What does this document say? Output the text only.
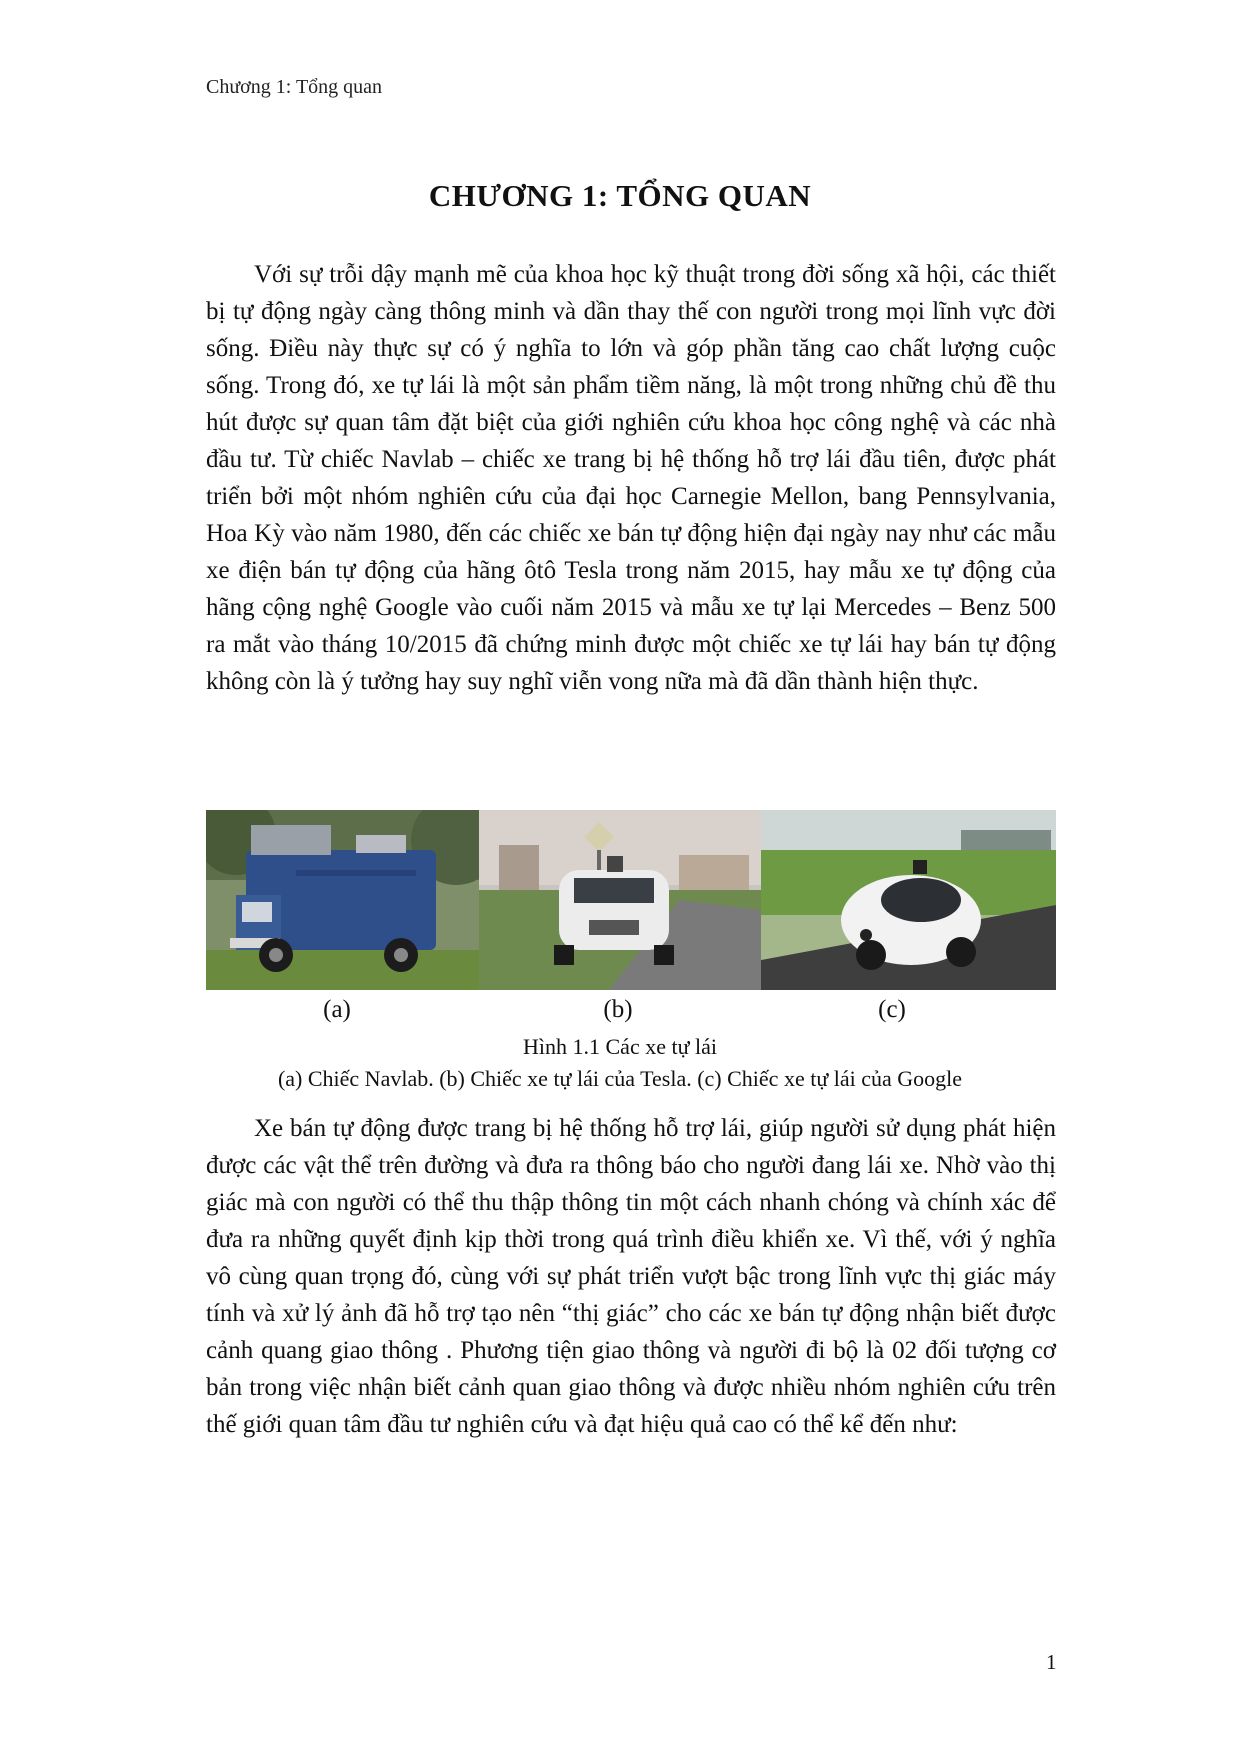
Chương 1: Tổng quan
CHƯƠNG 1: TỔNG QUAN

Với sự trỗi dậy mạnh mẽ của khoa học kỹ thuật trong đời sống xã hội, các thiết bị tự động ngày càng thông minh và dần thay thế con người trong mọi lĩnh vực đời sống. Điều này thực sự có ý nghĩa to lớn và góp phần tăng cao chất lượng cuộc sống. Trong đó, xe tự lái là một sản phẩm tiềm năng, là một trong những chủ đề thu hút được sự quan tâm đặt biệt của giới nghiên cứu khoa học công nghệ và các nhà đầu tư. Từ chiếc Navlab – chiếc xe trang bị hệ thống hỗ trợ lái đầu tiên, được phát triển bởi một nhóm nghiên cứu của đại học Carnegie Mellon, bang Pennsylvania, Hoa Kỳ vào năm 1980, đến các chiếc xe bán tự động hiện đại ngày nay như các mẫu xe điện bán tự động của hãng ôtô Tesla trong năm 2015, hay mẫu xe tự động của hãng cộng nghệ Google vào cuối năm 2015 và mẫu xe tự lại Mercedes – Benz 500 ra mắt vào tháng 10/2015 đã chứng minh được một chiếc xe tự lái hay bán tự động không còn là ý tưởng hay suy nghĩ viễn vong nữa mà đã dần thành hiện thực.

(a)	(b)	(c)
Hình 1.1 Các xe tự lái
(a) Chiếc Navlab. (b) Chiếc xe tự lái của Tesla. (c) Chiếc xe tự lái của Google

Xe bán tự động được trang bị hệ thống hỗ trợ lái, giúp người sử dụng phát hiện được các vật thể trên đường và đưa ra thông báo cho người đang lái xe. Nhờ vào thị giác mà con người có thể thu thập thông tin một cách nhanh chóng và chính xác để đưa ra những quyết định kịp thời trong quá trình điều khiển xe. Vì thế, với ý nghĩa vô cùng quan trọng đó, cùng với sự phát triển vượt bậc trong lĩnh vực thị giác máy tính và xử lý ảnh đã hỗ trợ tạo nên “thị giác” cho các xe bán tự động nhận biết được cảnh quang giao thông . Phương tiện giao thông và người đi bộ là 02 đối tượng cơ bản trong việc nhận biết cảnh quan giao thông và được nhiều nhóm nghiên cứu trên thế giới quan tâm đầu tư nghiên cứu và đạt hiệu quả cao có thể kể đến như:

1
